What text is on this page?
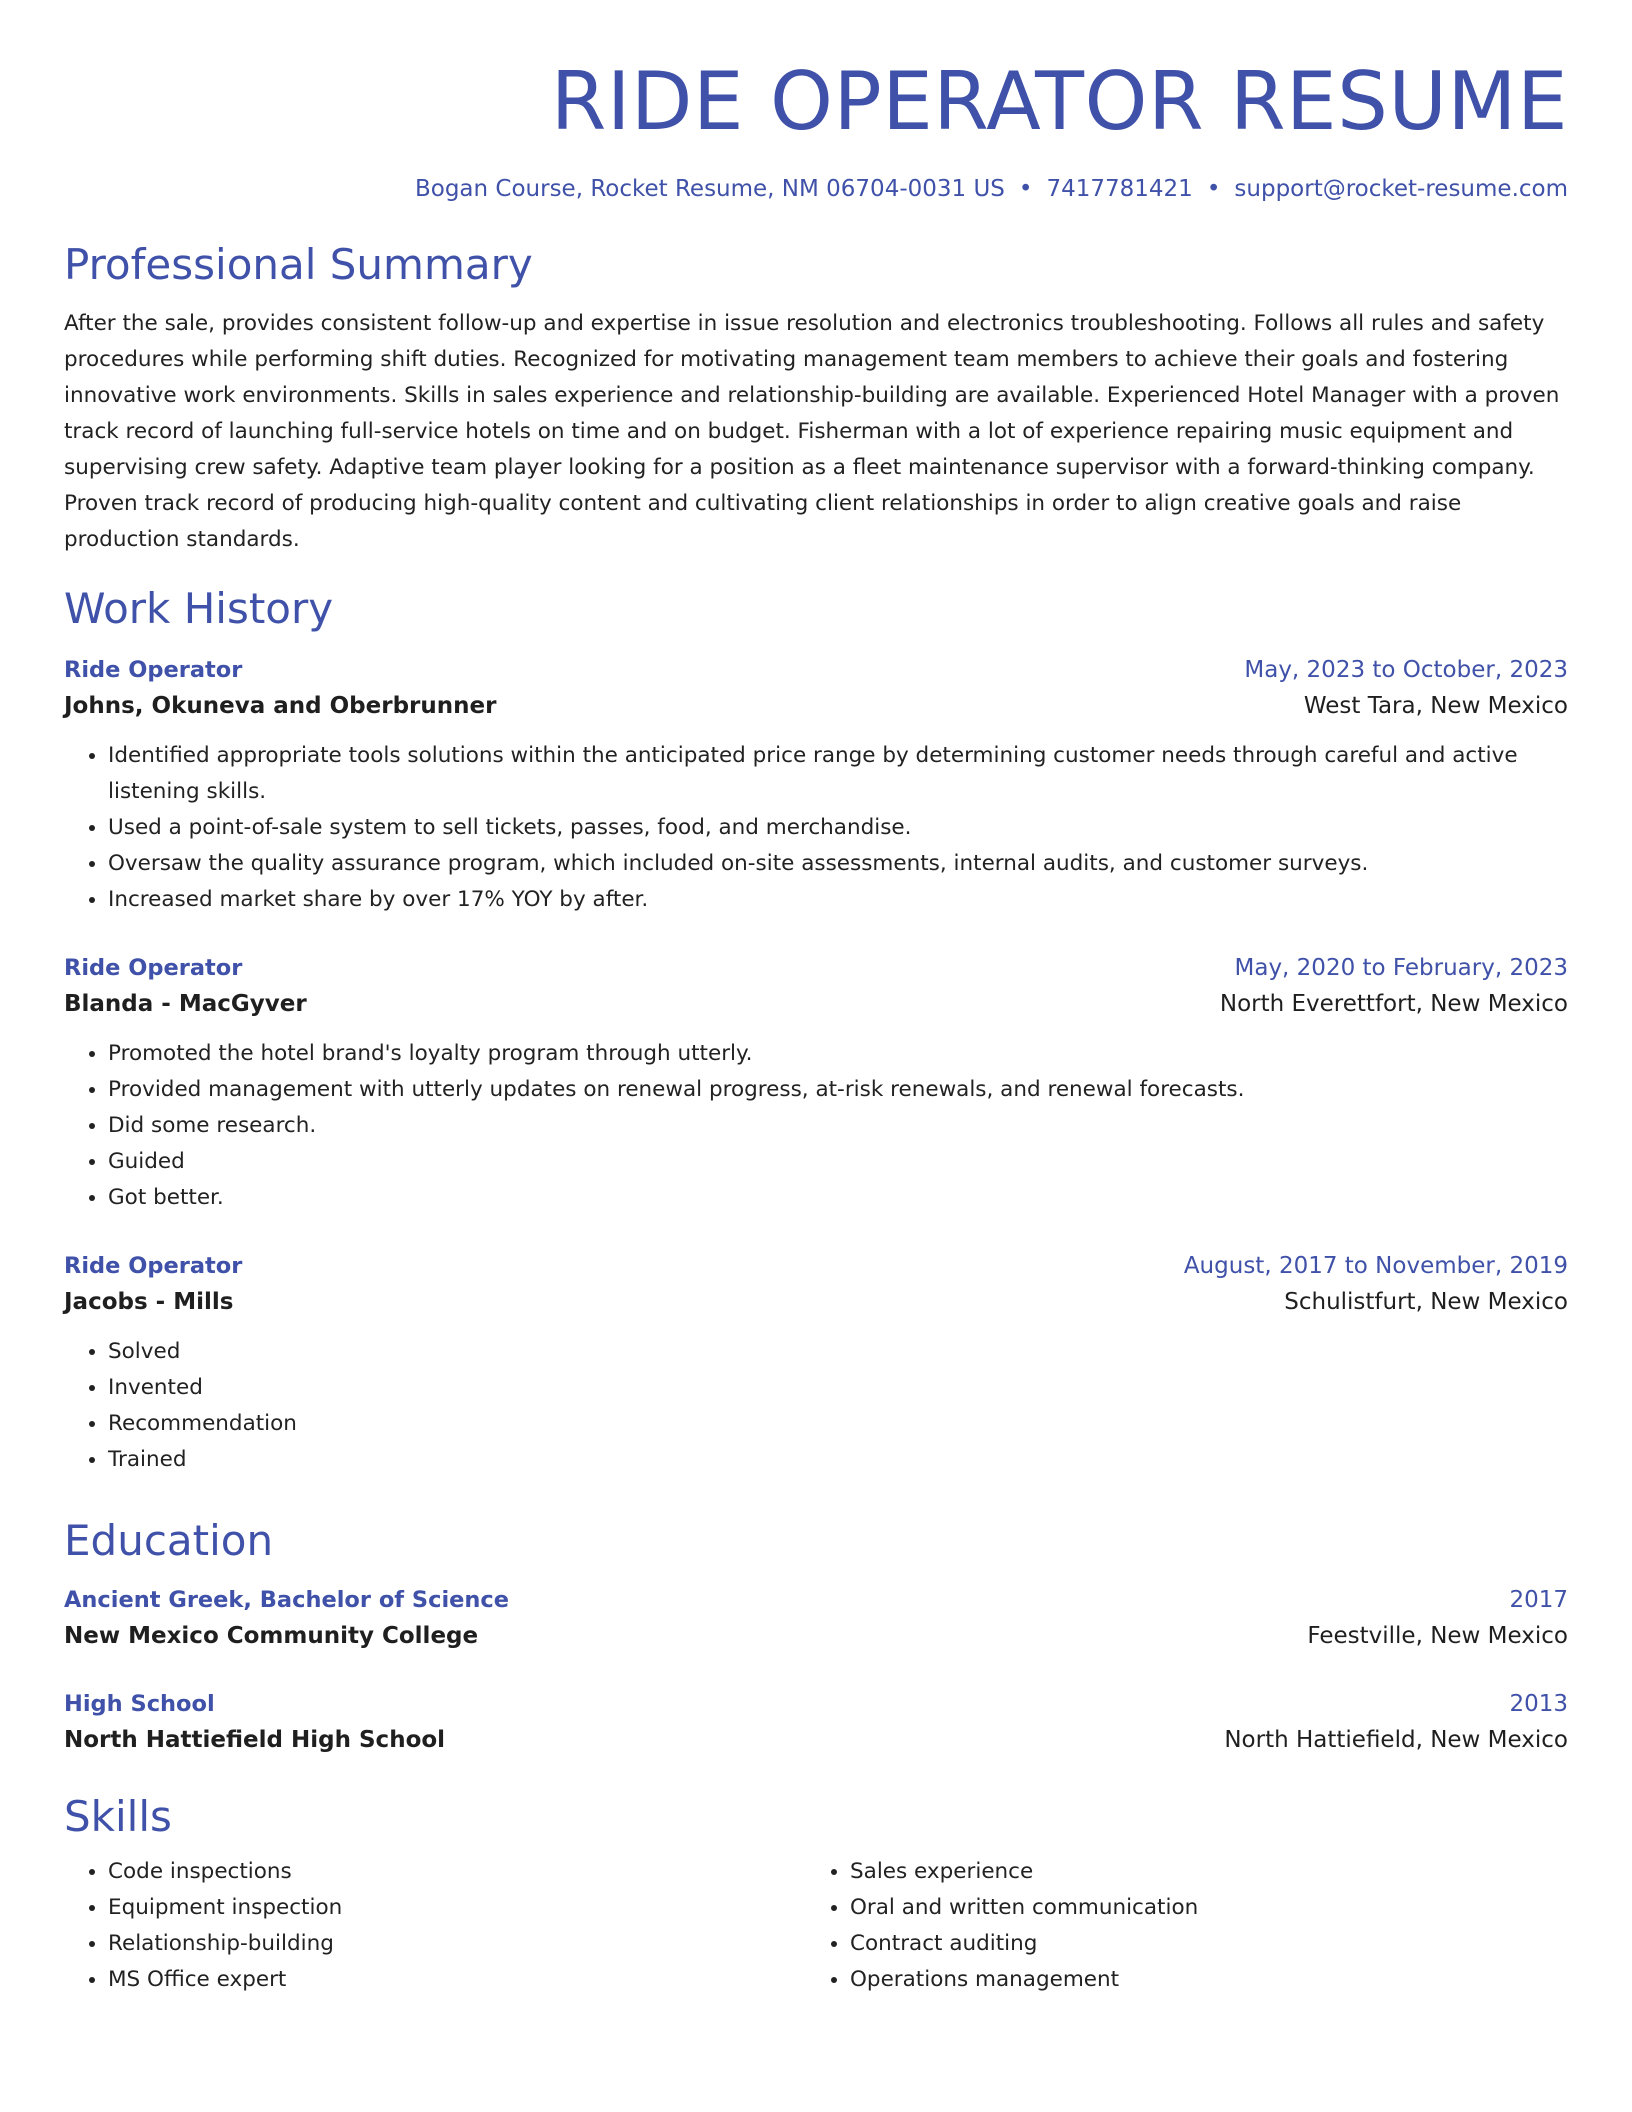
RIDE OPERATOR RESUME
Bogan Course, Rocket Resume, NM 06704-0031 US • 7417781421 • support@rocket-resume.com
Professional Summary
After the sale, provides consistent follow-up and expertise in issue resolution and electronics troubleshooting. Follows all rules and safety procedures while performing shift duties. Recognized for motivating management team members to achieve their goals and fostering innovative work environments. Skills in sales experience and relationship-building are available. Experienced Hotel Manager with a proven track record of launching full-service hotels on time and on budget. Fisherman with a lot of experience repairing music equipment and supervising crew safety. Adaptive team player looking for a position as a fleet maintenance supervisor with a forward-thinking company. Proven track record of producing high-quality content and cultivating client relationships in order to align creative goals and raise production standards.
Work History
Ride Operator	May, 2023 to October, 2023
Johns, Okuneva and Oberbrunner	West Tara, New Mexico
• Identified appropriate tools solutions within the anticipated price range by determining customer needs through careful and active listening skills.
• Used a point-of-sale system to sell tickets, passes, food, and merchandise.
• Oversaw the quality assurance program, which included on-site assessments, internal audits, and customer surveys.
• Increased market share by over 17% YOY by after.
Ride Operator	May, 2020 to February, 2023
Blanda - MacGyver	North Everettfort, New Mexico
• Promoted the hotel brand's loyalty program through utterly.
• Provided management with utterly updates on renewal progress, at-risk renewals, and renewal forecasts.
• Did some research.
• Guided
• Got better.
Ride Operator	August, 2017 to November, 2019
Jacobs - Mills	Schulistfurt, New Mexico
• Solved
• Invented
• Recommendation
• Trained
Education
Ancient Greek, Bachelor of Science	2017
New Mexico Community College	Feestville, New Mexico
High School	2013
North Hattiefield High School	North Hattiefield, New Mexico
Skills
• Code inspections
• Equipment inspection
• Relationship-building
• MS Office expert
• Sales experience
• Oral and written communication
• Contract auditing
• Operations management
